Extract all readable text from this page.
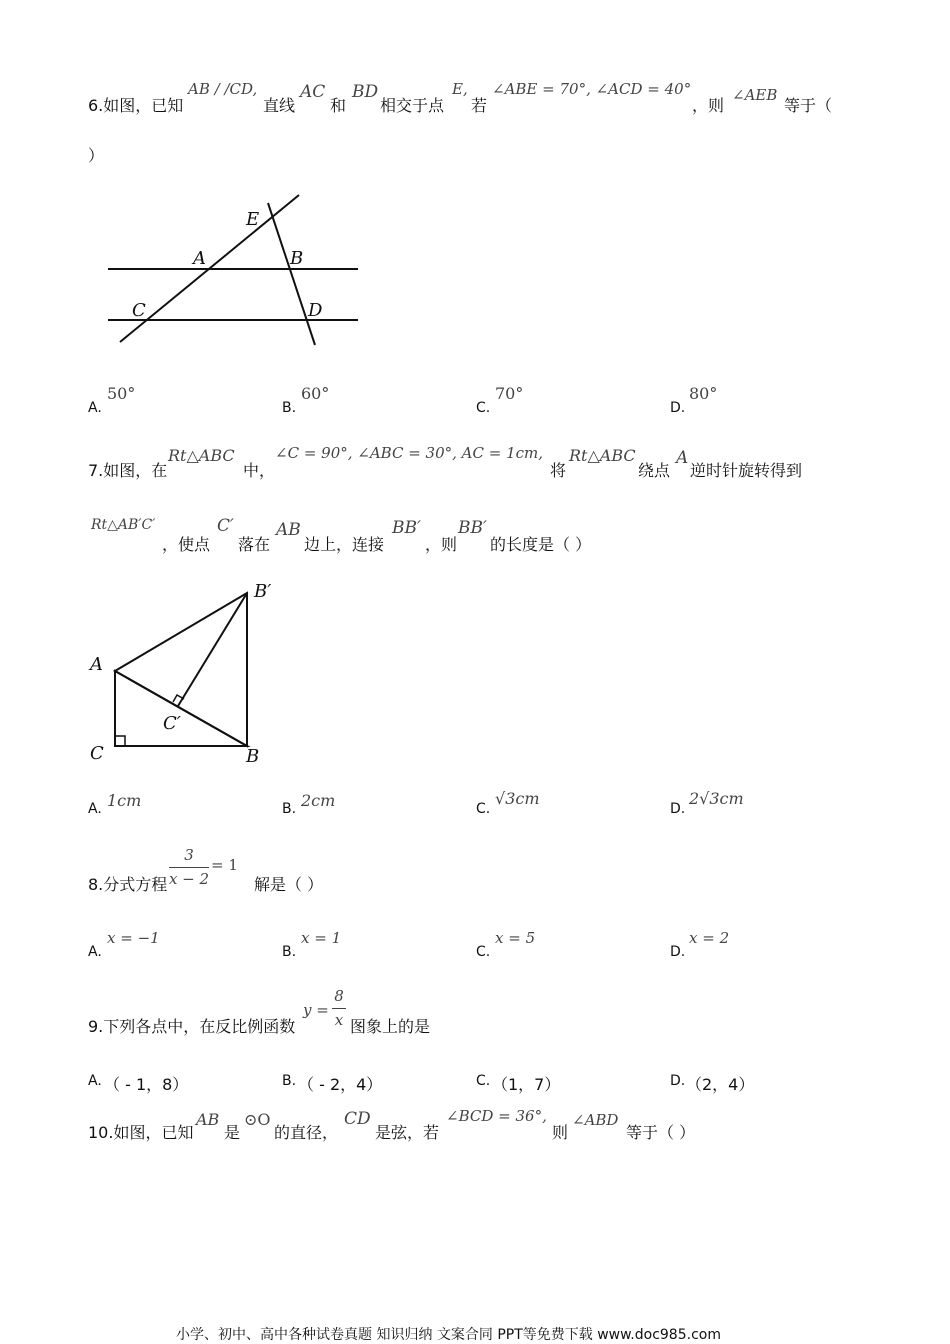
6.如图，已知
AB / /CD,
直线
AC
和
BD
相交于点
E,
若
∠ABE = 70°, ∠ACD = 40°
，则
∠AEB
等于（
）
E
A	B
C	D
A.
50°
B.
60°
C.
70°
D.
80°
7.如图，在
Rt△ABC
中，
∠C = 90°, ∠ABC = 30°, AC = 1cm,
将
Rt△ABC
绕点
A
逆时针旋转得到
Rt△AB′C′
，使点
C′
落在
AB
边上，连接
BB′
，则
BB′
的长度是（ ）
B′
A
C′
C	B
A. 1cm	B. 2cm	C.
√3cm
D.
2√3cm
8.分式方程
3
x − 2
= 1
解是（ ）
A.
x = −1
B.
x = 1
C.
x = 5
D.
x = 2
9.下列各点中，在反比例函数
y =
8
x 图象上的是
A. （ - 1，8）	B. （ - 2，4）	C. （1，7）	D. （2，4）
10.如图，已知
AB
是
⊙O
的直径，
CD
是弦，若
∠BCD = 36°,
则
∠ABD
等于（ ）
小学、初中、高中各种试卷真题 知识归纳 文案合同 PPT等免费下载 www.doc985.com
